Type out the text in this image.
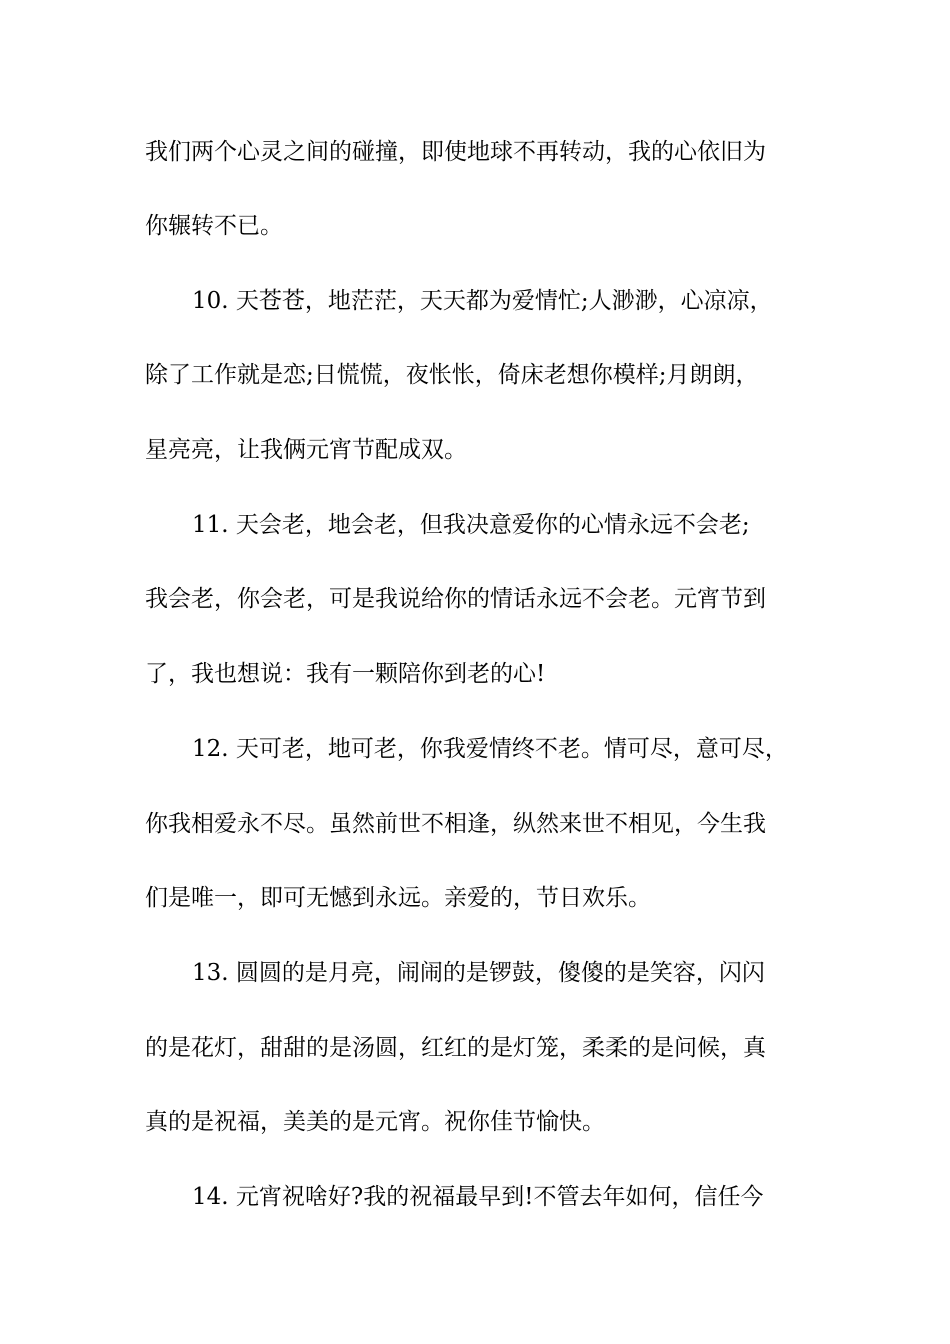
我们两个心灵之间的碰撞，即使地球不再转动，我的心依旧为
你辗转不已。
10. 天苍苍，地茫茫，天天都为爱情忙;人渺渺，心凉凉，
除了工作就是恋;日慌慌，夜怅怅，倚床老想你模样;月朗朗，
星亮亮，让我俩元宵节配成双。
11. 天会老，地会老，但我决意爱你的心情永远不会老;
我会老，你会老，可是我说给你的情话永远不会老。元宵节到
了，我也想说：我有一颗陪你到老的心!
12. 天可老，地可老，你我爱情终不老。情可尽，意可尽，
你我相爱永不尽。虽然前世不相逢，纵然来世不相见，今生我
们是唯一，即可无憾到永远。亲爱的，节日欢乐。
13. 圆圆的是月亮，闹闹的是锣鼓，傻傻的是笑容，闪闪
的是花灯，甜甜的是汤圆，红红的是灯笼，柔柔的是问候，真
真的是祝福，美美的是元宵。祝你佳节愉快。
14. 元宵祝啥好?我的祝福最早到!不管去年如何，信任今
